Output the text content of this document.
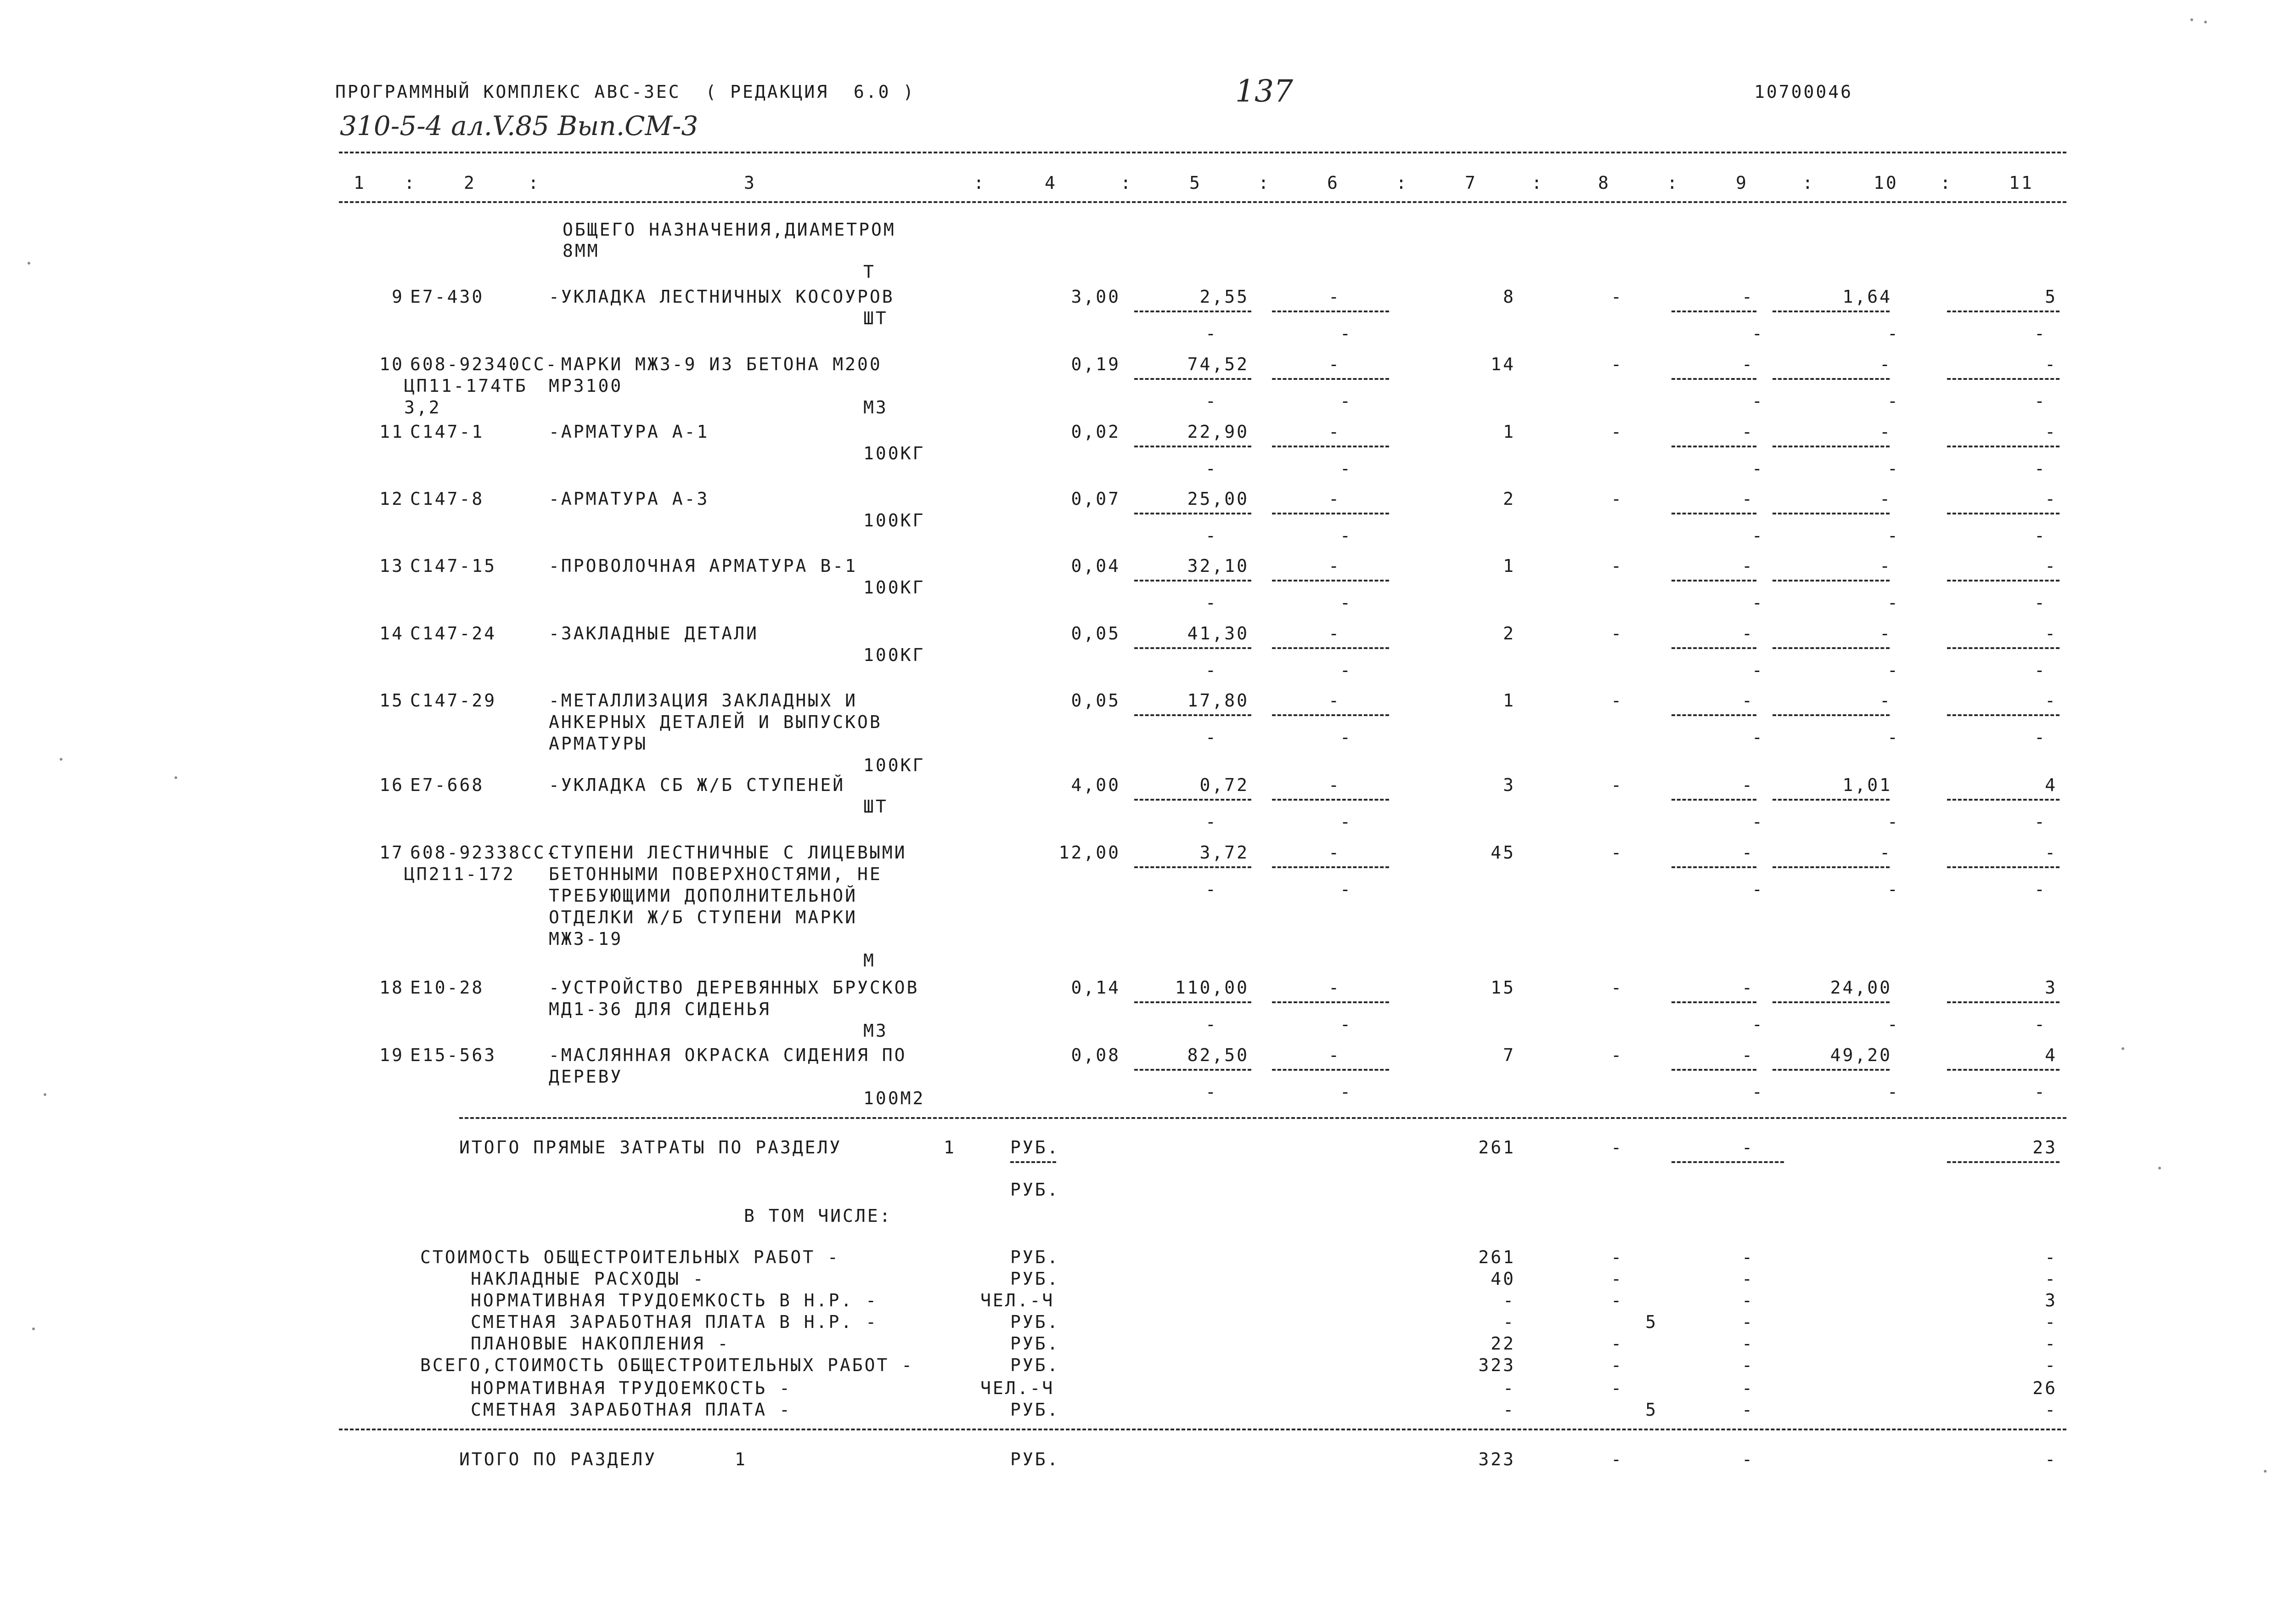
ПРОГРАММНЫЙ КОМПЛЕКС АВС-3ЕС  ( РЕДАКЦИЯ  6.0 )	137	10700046
310-5-4 ал.V.85 Вып.СМ-3
1 :	2	:	3	:	4	:	5	:	6	:	7	:	8	:	9	:	10 :	11
ОБЩЕГО НАЗНАЧЕНИЯ,ДИАМЕТРОМ
8ММ
Т
9 Е7-430	-УКЛАДКА ЛЕСТНИЧНЫХ КОСОУРОВ
ШТ
3,00	2,55	-	8	-	-	1,64	5
-	-	-	-	-
10 608-92340СС-
ЦП11-174ТБ
3,2
МАРКИ МЖ3-9 ИЗ БЕТОНА М200
МРЗ100
М3
0,19	74,52	-	14	-	-	-	-
-	-	-	-	-
11 С147-1	-АРМАТУРА А-1
100КГ
0,02	22,90	-	1	-	-	-	-
-	-	-	-	-
12 С147-8	-АРМАТУРА А-3
100КГ
0,07	25,00	-	2	-	-	-	-
-	-	-	-	-
13 С147-15	-ПРОВОЛОЧНАЯ АРМАТУРА В-1
100КГ
0,04	32,10	-	1	-	-	-	-
-	-	-	-	-
14 С147-24	-ЗАКЛАДНЫЕ ДЕТАЛИ
100КГ
0,05	41,30	-	2	-	-	-	-
-	-	-	-	-
15 С147-29	-МЕТАЛЛИЗАЦИЯ ЗАКЛАДНЫХ И
АНКЕРНЫХ ДЕТАЛЕЙ И ВЫПУСКОВ
АРМАТУРЫ
100КГ
0,05	17,80	-	1	-	-	-	-
-	-	-	-	-
16 Е7-668	-УКЛАДКА СБ Ж/Б СТУПЕНЕЙ
ШТ
4,00	0,72	-	3	-	-	1,01	4
-	-	-	-	-
17 608-92338СС-
ЦП211-172
СТУПЕНИ ЛЕСТНИЧНЫЕ С ЛИЦЕВЫМИ
БЕТОННЫМИ ПОВЕРХНОСТЯМИ, НЕ
ТРЕБУЮЩИМИ ДОПОЛНИТЕЛЬНОЙ
ОТДЕЛКИ Ж/Б СТУПЕНИ МАРКИ
МЖ3-19
М
12,00	3,72	-	45	-	-	-	-
-	-	-	-	-
18 Е10-28	-УСТРОЙСТВО ДЕРЕВЯННЫХ БРУСКОВ
МД1-36 ДЛЯ СИДЕНЬЯ
М3
0,14	110,00	-	15	-	-	24,00	3
-	-	-	-	-
19 Е15-563	-МАСЛЯННАЯ ОКРАСКА СИДЕНИЯ ПО
ДЕРЕВУ
100М2
0,08	82,50	-	7	-	-	49,20	4
-	-	-	-	-
ИТОГО ПРЯМЫЕ ЗАТРАТЫ ПО РАЗДЕЛУ	1	РУБ.	261	-	-	23
РУБ.
В ТОМ ЧИСЛЕ:
СТОИМОСТЬ ОБЩЕСТРОИТЕЛЬНЫХ РАБОТ -	РУБ.	261	-	-	-
НАКЛАДНЫЕ РАСХОДЫ -	РУБ.	40	-	-	-
НОРМАТИВНАЯ ТРУДОЕМКОСТЬ В Н.Р. -	ЧЕЛ.-Ч	-	-	-	3
СМЕТНАЯ ЗАРАБОТНАЯ ПЛАТА В Н.Р. -	РУБ.	-	5	-	-
ПЛАНОВЫЕ НАКОПЛЕНИЯ -	РУБ.	22	-	-	-
ВСЕГО,СТОИМОСТЬ ОБЩЕСТРОИТЕЛЬНЫХ РАБОТ -	РУБ.	323	-	-	-
НОРМАТИВНАЯ ТРУДОЕМКОСТЬ -	ЧЕЛ.-Ч	-	-	-	26
СМЕТНАЯ ЗАРАБОТНАЯ ПЛАТА -	РУБ.	-	5	-	-
ИТОГО ПО РАЗДЕЛУ	1	РУБ.	323	-	-	-
